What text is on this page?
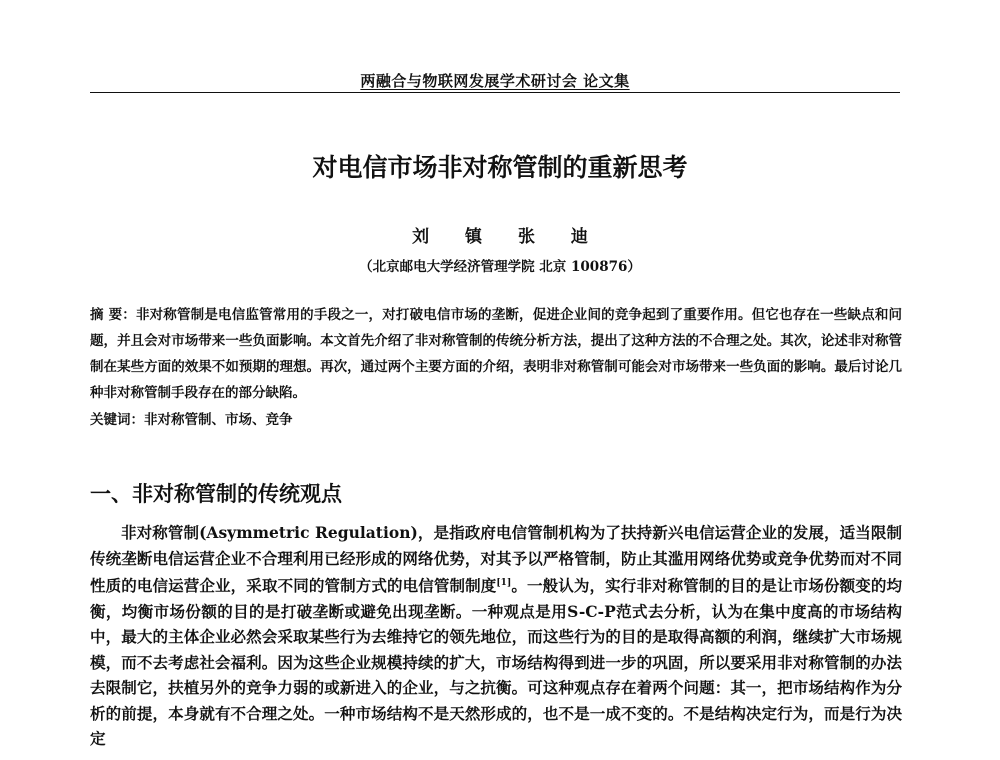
两融合与物联网发展学术研讨会 论文集
对电信市场非对称管制的重新思考
刘 镇 张 迪
（北京邮电大学经济管理学院 北京 100876）
摘 要：非对称管制是电信监管常用的手段之一，对打破电信市场的垄断，促进企业间的竞争起到了重要作用。但它也存在一些缺点和问题，并且会对市场带来一些负面影响。本文首先介绍了非对称管制的传统分析方法，提出了这种方法的不合理之处。其次，论述非对称管制在某些方面的效果不如预期的理想。再次，通过两个主要方面的介绍，表明非对称管制可能会对市场带来一些负面的影响。最后讨论几种非对称管制手段存在的部分缺陷。
关键词：非对称管制、市场、竞争
一、非对称管制的传统观点
非对称管制(Asymmetric Regulation)，是指政府电信管制机构为了扶持新兴电信运营企业的发展，适当限制传统垄断电信运营企业不合理利用已经形成的网络优势，对其予以严格管制，防止其滥用网络优势或竞争优势而对不同性质的电信运营企业，采取不同的管制方式的电信管制制度[1]。一般认为，实行非对称管制的目的是让市场份额变的均衡，均衡市场份额的目的是打破垄断或避免出现垄断。一种观点是用S-C-P范式去分析，认为在集中度高的市场结构中，最大的主体企业必然会采取某些行为去维持它的领先地位，而这些行为的目的是取得高额的利润，继续扩大市场规模，而不去考虑社会福利。因为这些企业规模持续的扩大，市场结构得到进一步的巩固，所以要采用非对称管制的办法去限制它，扶植另外的竞争力弱的或新进入的企业，与之抗衡。可这种观点存在着两个问题：其一，把市场结构作为分析的前提，本身就有不合理之处。一种市场结构不是天然形成的，也不是一成不变的。不是结构决定行为，而是行为决定
